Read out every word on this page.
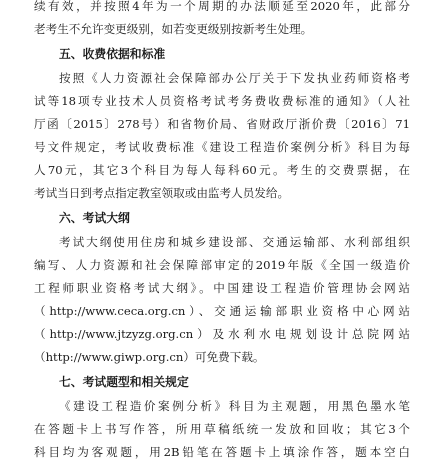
续有效，并按照4年为一个周期的办法顺延至2020年，此部分
老考生不允许变更级别，如若变更级别按新考生处理。
五、收费依据和标准
按照《人力资源社会保障部办公厅关于下发执业药师资格考
试等18项专业技术人员资格考试考务费收费标准的通知》（人社
厅函〔2015〕278号）和省物价局、省财政厅浙价费〔2016〕71
号文件规定，考试收费标准《建设工程造价案例分析》科目为每
人70元，其它3个科目为每人每科60元。考生的交费票据，在
考试当日到考点指定教室领取或由监考人员发给。
六、考试大纲
考试大纲使用住房和城乡建设部、交通运输部、水利部组织
编写、人力资源和社会保障部审定的2019年版《全国一级造价
工程师职业资格考试大纲》。中国建设工程造价管理协会网站
（http://www.ceca.org.cn）、交通运输部职业资格中心网站
（http://www.jtzyzg.org.cn）及水利水电规划设计总院网站
（http://www.giwp.org.cn）可免费下载。
七、考试题型和相关规定
《建设工程造价案例分析》科目为主观题，用黑色墨水笔
在答题卡上书写作答，所用草稿纸统一发放和回收；其它3个
科目均为客观题，用2B铅笔在答题卡上填涂作答，题本空白
